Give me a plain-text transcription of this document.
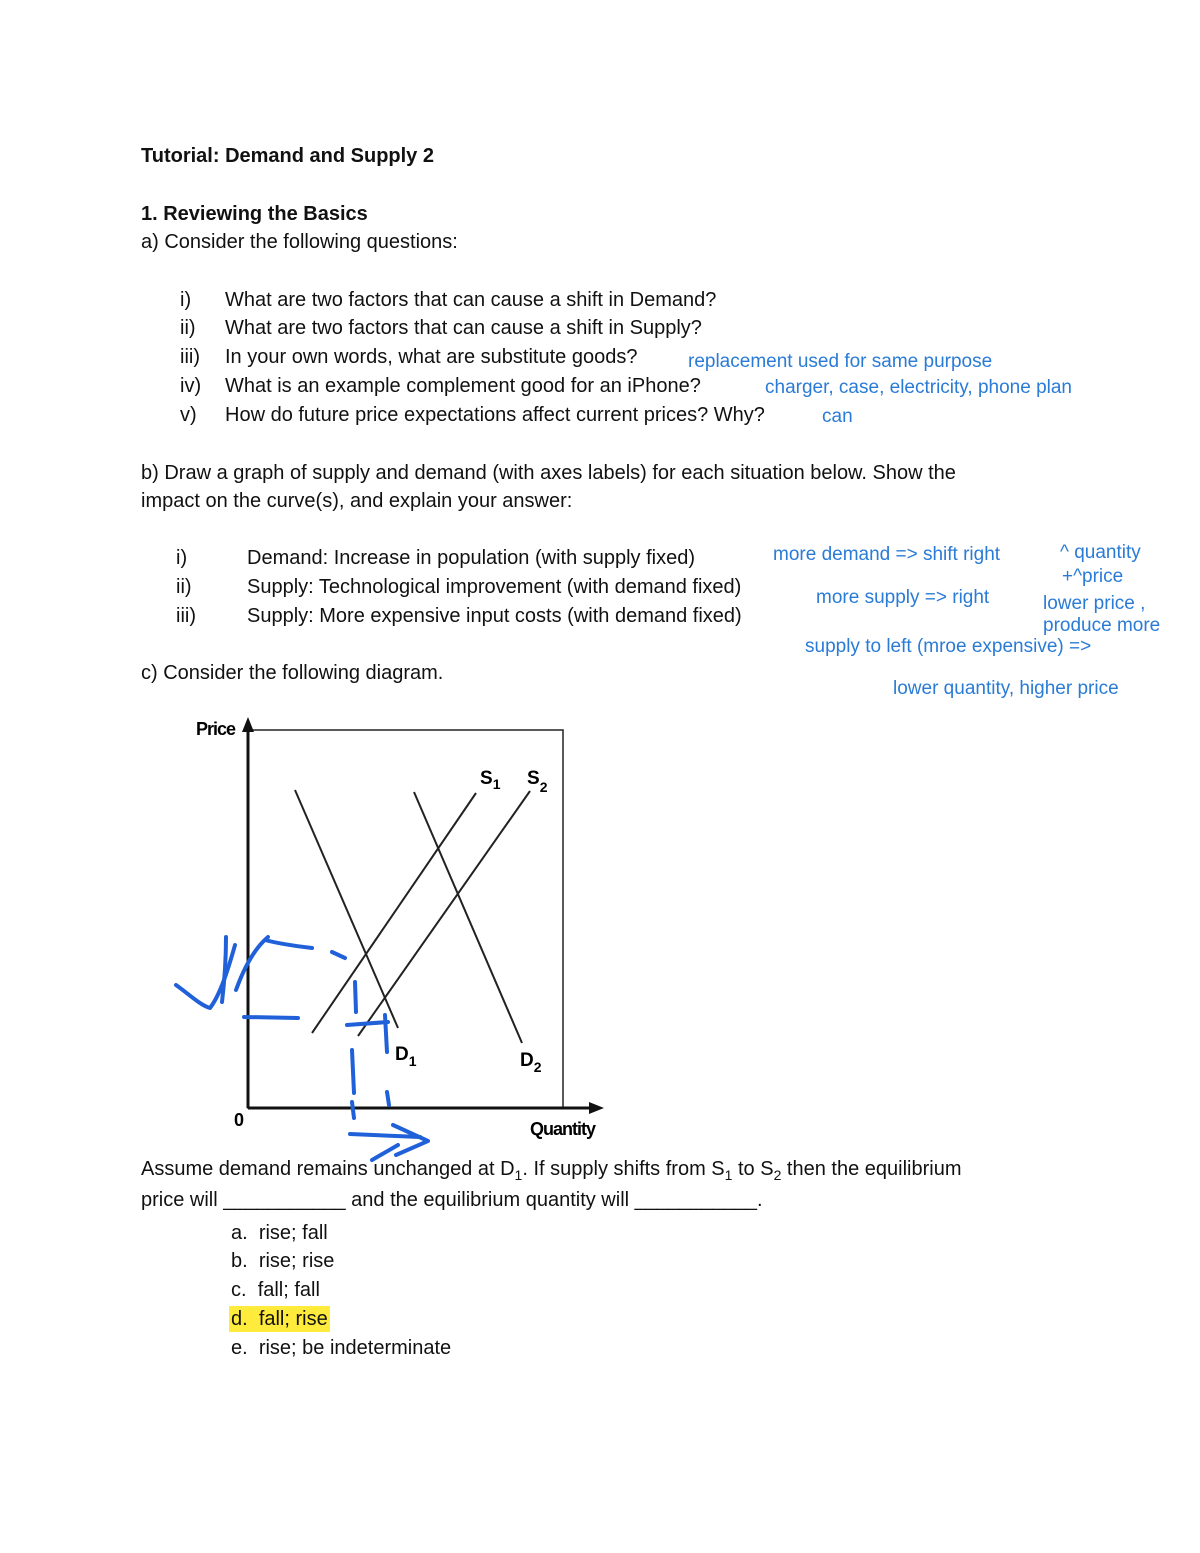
Tutorial: Demand and Supply 2
1. Reviewing the Basics
a) Consider the following questions:
i) What are two factors that can cause a shift in Demand?
ii) What are two factors that can cause a shift in Supply?
iii) In your own words, what are substitute goods?	replacement used for same purpose
iv) What is an example complement good for an iPhone?	charger, case, electricity, phone plan
v) How do future price expectations affect current prices? Why?	can
b) Draw a graph of supply and demand (with axes labels) for each situation below. Show the
impact on the curve(s), and explain your answer:
i)	Demand: Increase in population (with supply fixed)
ii)	Supply: Technological improvement (with demand fixed)
iii)	Supply: More expensive input costs (with demand fixed)
more demand => shift right	^ quantity
+^price
more supply => right	lower price ,
produce more
supply to left (mroe expensive) =>
lower quantity, higher price
c) Consider the following diagram.
Price
Quantity
0
$S_1$ $S_2$
$D_1$	$D_2$
Assume demand remains unchanged at $D_1$. If supply shifts from $S_1$ to $S_2$ then the equilibrium
price will ___________ and the equilibrium quantity will ___________.
a. rise; fall
b. rise; rise
c. fall; fall
d. fall; rise
e. rise; be indeterminate
